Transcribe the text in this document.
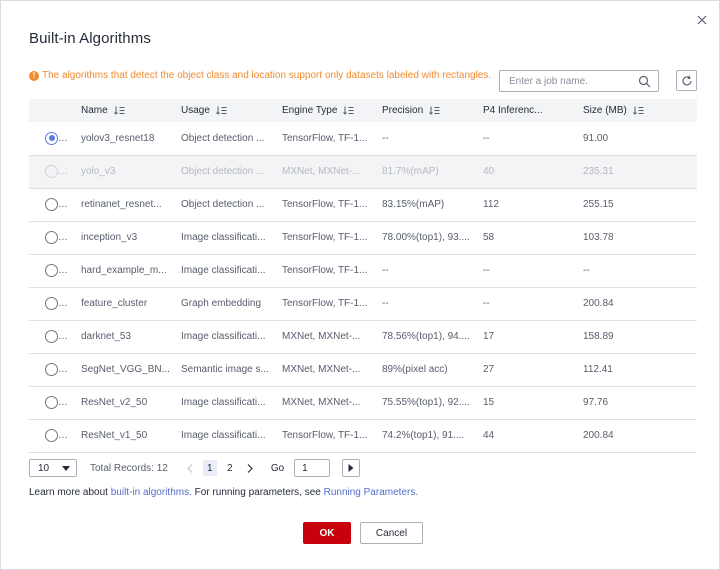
Built-in Algorithms
! The algorithms that detect the object class and location support only datasets labeled with rectangles.
Enter a job name.
	Name	Usage	Engine Type	Precision	P4 Inferenc...	Size (MB)
	yolov3_resnet18	Object detection ...	TensorFlow, TF-1...	--	--	91.00
	yolo_v3	Object detection ...	MXNet, MXNet-...	81.7%(mAP)	40	235.31
	retinanet_resnet...	Object detection ...	TensorFlow, TF-1...	83.15%(mAP)	112	255.15
	inception_v3	Image classificati...	TensorFlow, TF-1...	78.00%(top1), 93....	58	103.78
	hard_example_m...	Image classificati...	TensorFlow, TF-1...	--	--	--
	feature_cluster	Graph embedding	TensorFlow, TF-1...	--	--	200.84
	darknet_53	Image classificati...	MXNet, MXNet-...	78.56%(top1), 94....	17	158.89
	SegNet_VGG_BN...	Semantic image s...	MXNet, MXNet-...	89%(pixel acc)	27	112.41
	ResNet_v2_50	Image classificati...	MXNet, MXNet-...	75.55%(top1), 92....	15	97.76
	ResNet_v1_50	Image classificati...	TensorFlow, TF-1...	74.2%(top1), 91....	44	200.84
10	Total Records: 12	1	2	Go	1
Learn more about built-in algorithms. For running parameters, see Running Parameters.
OK	Cancel
